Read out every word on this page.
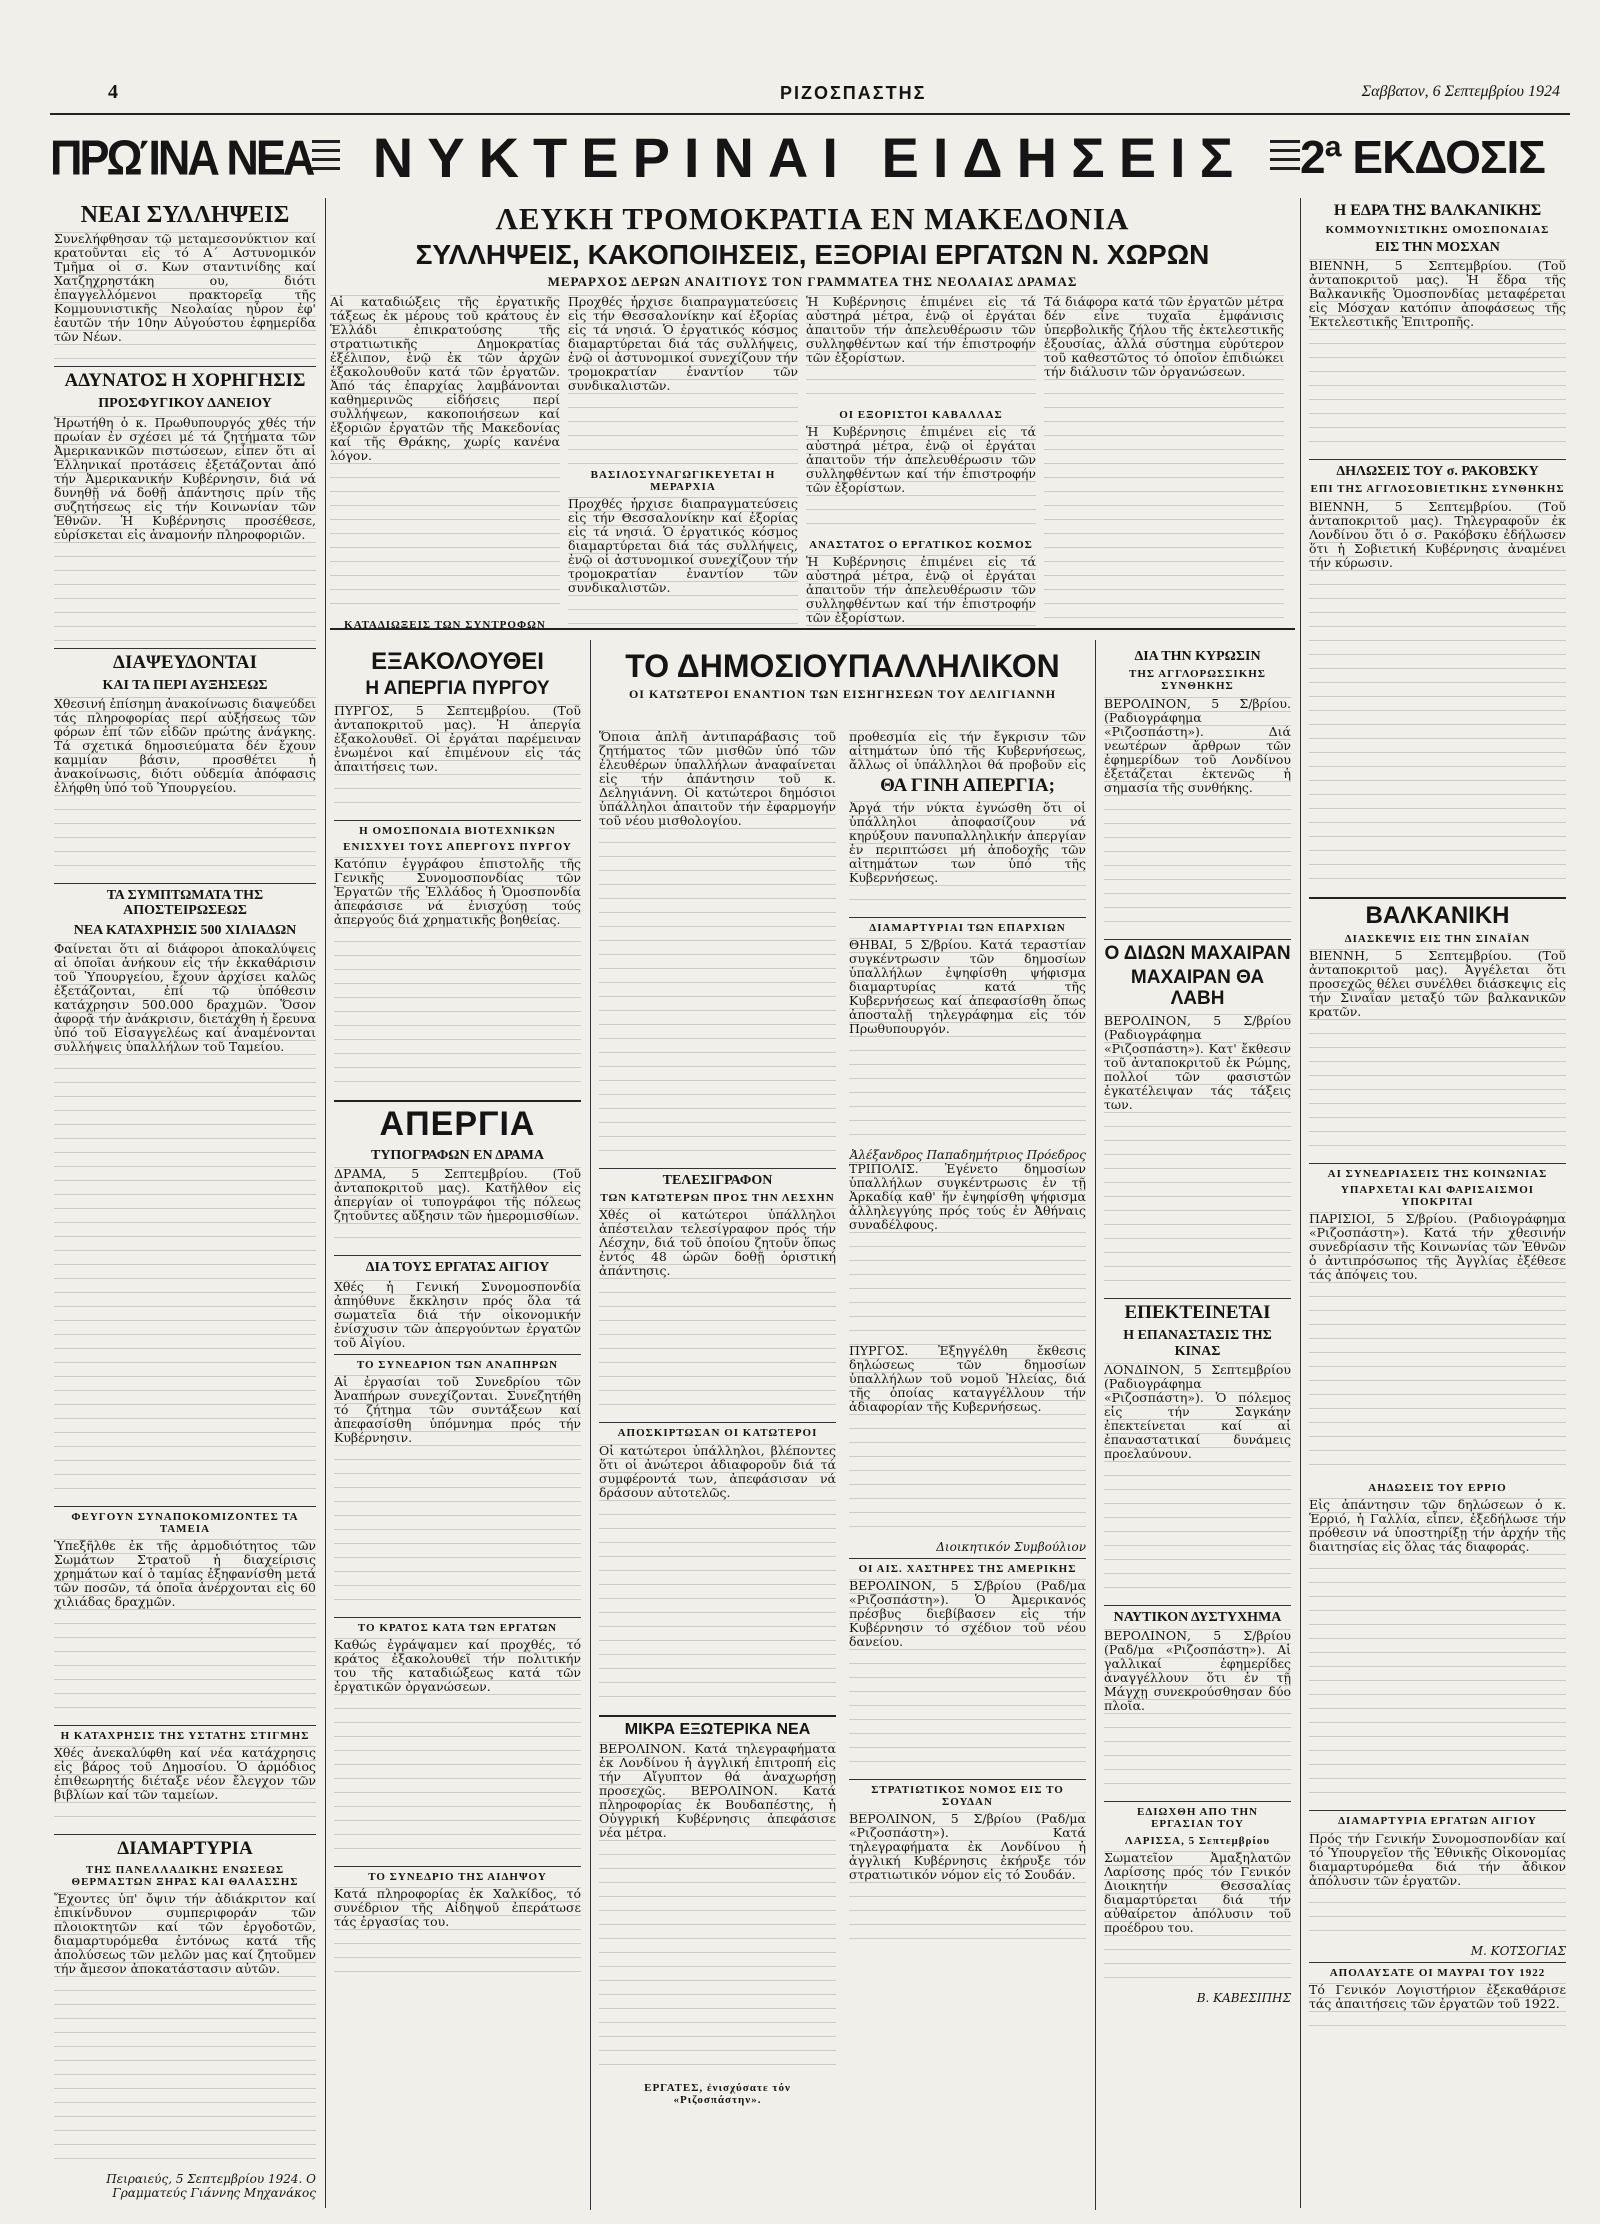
4	ΡΙΖΟΣΠΑΣΤΗΣ	Σαββατον, 6 Σεπτεμβρίου 1924
ΠΡΩΊΝΑ ΝΕΑ	ΝΥΚΤΕΡΙΝΑΙ ΕΙΔΗΣΕΙΣ	2ª ΕΚΔΟΣΙΣ
ΝΕΑΙ ΣΥΛΛΗΨΕΙΣ
Συνελήφθησαν τῷ μεταμεσονύκτιον καί κρατοῦνται εἰς τό Α΄ Αστυνομικόν Τμῆμα οἱ σ. Κων σταντινίδης καί Χατζηχρηστάκη ου, διότι ἐπαγγελλόμενοι πρακτορεῖα τῆς Κομμουνιστικῆς Νεολαίας ηὗρον ἐφ' ἑαυτῶν τήν 10ην Αὐγούστου ἐφημερίδα τῶν Νέων.
ΑΔΥΝΑΤΟΣ Η ΧΟΡΗΓΗΣΙΣ
ΠΡΟΣΦΥΓΙΚΟΥ ΔΑΝΕΙΟΥ
Ἠρωτήθη ὁ κ. Πρωθυπουργός χθές τήν πρωίαν ἐν σχέσει μέ τά ζητήματα τῶν Ἀμερικανικῶν πιστώσεων, εἶπεν ὅτι αἱ Ἑλληνικαί προτάσεις ἐξετάζονται ἀπό τήν Ἀμερικανικήν Κυβέρνησιν, διά νά δυνηθῇ νά δοθῇ ἀπάντησις πρίν τῆς συζητήσεως εἰς τήν Κοινωνίαν τῶν Ἐθνῶν. Ἡ Κυβέρνησις προσέθεσε, εὑρίσκεται εἰς ἀναμονήν πληροφοριῶν.
ΔΙΑΨΕΥΔΟΝΤΑΙ
ΚΑΙ ΤΑ ΠΕΡΙ ΑΥΞΗΣΕΩΣ
Χθεσινή ἐπίσημη ἀνακοίνωσις διαψεύδει τάς πληροφορίας περί αὐξήσεως τῶν φόρων ἐπί τῶν εἰδῶν πρώτης ἀνάγκης. Τά σχετικά δημοσιεύματα δέν ἔχουν καμμίαν βάσιν, προσθέτει ἡ ἀνακοίνωσις, διότι οὐδεμία ἀπόφασις ἐλήφθη ὑπό τοῦ Ὑπουργείου.
ΤΑ ΣΥΜΠΤΩΜΑΤΑ ΤΗΣ ΑΠΟΣΤΕΙΡΩΣΕΩΣ
ΝΕΑ ΚΑΤΑΧΡΗΣΙΣ 500 ΧΙΛΙΑΔΩΝ
Φαίνεται ὅτι αἱ διάφοροι ἀποκαλύψεις αἱ ὁποῖαι ἀνήκουν εἰς τήν ἐκκαθάρισιν τοῦ Ὑπουργείου, ἔχουν ἀρχίσει καλῶς ἐξετάζονται, ἐπί τῷ ὑπόθεσιν κατάχρησιν 500.000 δραχμῶν. Ὅσον ἀφορᾷ τήν ἀνάκρισιν, διετάχθη ἡ ἔρευνα ὑπό τοῦ Εἰσαγγελέως καί ἀναμένονται συλλήψεις ὑπαλλήλων τοῦ Ταμείου.
ΦΕΥΓΟΥΝ ΣΥΝΑΠΟΚΟΜΙΖΟΝΤΕΣ ΤΑ ΤΑΜΕΙΑ
Ὑπεξῆλθε ἐκ τῆς ἀρμοδιότητος τῶν Σωμάτων Στρατοῦ ἡ διαχείρισις χρημάτων καί ὁ ταμίας ἐξηφανίσθη μετά τῶν ποσῶν, τά ὁποῖα ἀνέρχονται εἰς 60 χιλιάδας δραχμῶν.
Η ΚΑΤΑΧΡΗΣΙΣ ΤΗΣ ΥΣΤΑΤΗΣ ΣΤΙΓΜΗΣ
Χθές ἀνεκαλύφθη καί νέα κατάχρησις εἰς βάρος τοῦ Δημοσίου. Ὁ ἁρμόδιος ἐπιθεωρητής διέταξε νέον ἔλεγχον τῶν βιβλίων καί τῶν ταμείων.
ΔΙΑΜΑΡΤΥΡΙΑ
ΤΗΣ ΠΑΝΕΛΛΑΔΙΚΗΣ ΕΝΩΣΕΩΣ ΘΕΡΜΑΣΤΩΝ ΞΗΡΑΣ ΚΑΙ ΘΑΛΑΣΣΗΣ
Ἔχοντες ὑπ' ὄψιν τήν ἀδιάκριτον καί ἐπικίνδυνον συμπεριφοράν τῶν πλοιοκτητῶν καί τῶν ἐργοδοτῶν, διαμαρτυρόμεθα ἐντόνως κατά τῆς ἀπολύσεως τῶν μελῶν μας καί ζητοῦμεν τήν ἄμεσον ἀποκατάστασιν αὐτῶν.
Πειραιεύς, 5 Σεπτεμβρίου 1924. Ο Γραμματεύς Γιάννης Μηχανάκος
ΛΕΥΚΗ ΤΡΟΜΟΚΡΑΤΙΑ ΕΝ ΜΑΚΕΔΟΝΙΑ
ΣΥΛΛΗΨΕΙΣ, ΚΑΚΟΠΟΙΗΣΕΙΣ, ΕΞΟΡΙΑΙ ΕΡΓΑΤΩΝ Ν. ΧΩΡΩΝ
ΜΕΡΑΡΧΟΣ ΔΕΡΩΝ ΑΝΑΙΤΙΟΥΣ ΤΟΝ ΓΡΑΜΜΑΤΕΑ ΤΗΣ ΝΕΟΛΑΙΑΣ ΔΡΑΜΑΣ
Αἱ καταδιώξεις τῆς ἐργατικῆς τάξεως ἐκ μέρους τοῦ κράτους ἐν Ἑλλάδι ἐπικρατούσης τῆς στρατιωτικῆς Δημοκρατίας ἐξέλιπον, ἐνῷ ἐκ τῶν ἀρχῶν ἐξακολουθοῦν κατά τῶν ἐργατῶν. Ἀπό τάς ἐπαρχίας λαμβάνονται καθημερινῶς εἰδήσεις περί συλλήψεων, κακοποιήσεων καί ἐξοριῶν ἐργατῶν τῆς Μακεδονίας καί τῆς Θράκης, χωρίς κανένα λόγον.
ΚΑΤΑΔΙΩΞΕΙΣ ΤΩΝ ΣΥΝΤΡΟΦΩΝ
Προχθές ἦρχισε διαπραγματεύσεις εἰς τήν Θεσσαλονίκην καί ἐξορίας εἰς τά νησιά. Ὁ ἐργατικός κόσμος διαμαρτύρεται διά τάς συλλήψεις, ἐνῷ οἱ ἀστυνομικοί συνεχίζουν τήν τρομοκρατίαν ἐναντίον τῶν συνδικαλιστῶν.
ΒΑΣΙΛΟΣΥΝΑΓΩΓΙΚΕΥΕΤΑΙ Η ΜΕΡΑΡΧΙΑ
Προχθές ἦρχισε διαπραγματεύσεις εἰς τήν Θεσσαλονίκην καί ἐξορίας εἰς τά νησιά. Ὁ ἐργατικός κόσμος διαμαρτύρεται διά τάς συλλήψεις, ἐνῷ οἱ ἀστυνομικοί συνεχίζουν τήν τρομοκρατίαν ἐναντίον τῶν συνδικαλιστῶν.
Ἡ Κυβέρνησις ἐπιμένει εἰς τά αὐστηρά μέτρα, ἐνῷ οἱ ἐργάται ἀπαιτοῦν τήν ἀπελευθέρωσιν τῶν συλληφθέντων καί τήν ἐπιστροφήν τῶν ἐξορίστων.
ΟΙ ΕΞΟΡΙΣΤΟΙ ΚΑΒΑΛΛΑΣ
Ἡ Κυβέρνησις ἐπιμένει εἰς τά αὐστηρά μέτρα, ἐνῷ οἱ ἐργάται ἀπαιτοῦν τήν ἀπελευθέρωσιν τῶν συλληφθέντων καί τήν ἐπιστροφήν τῶν ἐξορίστων.
ΑΝΑΣΤΑΤΟΣ Ο ΕΡΓΑΤΙΚΟΣ ΚΟΣΜΟΣ
Ἡ Κυβέρνησις ἐπιμένει εἰς τά αὐστηρά μέτρα, ἐνῷ οἱ ἐργάται ἀπαιτοῦν τήν ἀπελευθέρωσιν τῶν συλληφθέντων καί τήν ἐπιστροφήν τῶν ἐξορίστων.
Τά διάφορα κατά τῶν ἐργατῶν μέτρα δέν εἶνε τυχαῖα ἐμφάνισις ὑπερβολικῆς ζήλου τῆς ἐκτελεστικῆς ἐξουσίας, ἀλλά σύστημα εὐρύτερον τοῦ καθεστῶτος τό ὁποῖον ἐπιδιώκει τήν διάλυσιν τῶν ὀργανώσεων.
ΕΞΑΚΟΛΟΥΘΕΙ
Η ΑΠΕΡΓΙΑ ΠΥΡΓΟΥ
ΠΥΡΓΟΣ, 5 Σεπτεμβρίου. (Τοῦ ἀνταποκριτοῦ μας). Ἡ ἀπεργία ἐξακολουθεῖ. Οἱ ἐργάται παρέμειναν ἑνωμένοι καί ἐπιμένουν εἰς τάς ἀπαιτήσεις των.
Η ΟΜΟΣΠΟΝΔΙΑ ΒΙΟΤΕΧΝΙΚΩΝ
ΕΝΙΣΧΥΕΙ ΤΟΥΣ ΑΠΕΡΓΟΥΣ ΠΥΡΓΟΥ
Κατόπιν ἐγγράφου ἐπιστολῆς τῆς Γενικῆς Συνομοσπονδίας τῶν Ἐργατῶν τῆς Ἑλλάδος ἡ Ὁμοσπονδία ἀπεφάσισε νά ἐνισχύσῃ τούς ἀπεργούς διά χρηματικῆς βοηθείας.
ΑΠΕΡΓΙΑ
ΤΥΠΟΓΡΑΦΩΝ ΕΝ ΔΡΑΜΑ
ΔΡΑΜΑ, 5 Σεπτεμβρίου. (Τοῦ ἀνταποκριτοῦ μας). Κατῆλθον εἰς ἀπεργίαν οἱ τυπογράφοι τῆς πόλεως ζητοῦντες αὔξησιν τῶν ἡμερομισθίων.
ΔΙΑ ΤΟΥΣ ΕΡΓΑΤΑΣ ΑΙΓΙΟΥ
Χθές ἡ Γενική Συνομοσπονδία ἀπηύθυνε ἔκκλησιν πρός ὅλα τά σωματεῖα διά τήν οἰκονομικήν ἐνίσχυσιν τῶν ἀπεργούντων ἐργατῶν τοῦ Αἰγίου.
ΤΟ ΣΥΝΕΔΡΙΟΝ ΤΩΝ ΑΝΑΠΗΡΩΝ
Αἱ ἐργασίαι τοῦ Συνεδρίου τῶν Ἀναπήρων συνεχίζονται. Συνεζητήθη τό ζήτημα τῶν συντάξεων καί ἀπεφασίσθη ὑπόμνημα πρός τήν Κυβέρνησιν.
ΤΟ ΚΡΑΤΟΣ ΚΑΤΑ ΤΩΝ ΕΡΓΑΤΩΝ
Καθώς ἐγράψαμεν καί προχθές, τό κράτος ἐξακολουθεῖ τήν πολιτικήν του τῆς καταδιώξεως κατά τῶν ἐργατικῶν ὀργανώσεων.
ΤΟ ΣΥΝΕΔΡΙΟ ΤΗΣ ΑΙΔΗΨΟΥ
Κατά πληροφορίας ἐκ Χαλκίδος, τό συνέδριον τῆς Αἰδηψοῦ ἐπεράτωσε τάς ἐργασίας του.
ΤΟ ΔΗΜΟΣΙΟΥΠΑΛΛΗΛΙΚΟΝ
ΟΙ ΚΑΤΩΤΕΡΟΙ ΕΝΑΝΤΙΟΝ ΤΩΝ ΕΙΣΗΓΗΣΕΩΝ ΤΟΥ ΔΕΛΙΓΙΑΝΝΗ
Ὅποια ἁπλῆ ἀντιπαράβασις τοῦ ζητήματος τῶν μισθῶν ὑπό τῶν ἐλευθέρων ὑπαλλήλων ἀναφαίνεται εἰς τήν ἀπάντησιν τοῦ κ. Δεληγιάννη. Οἱ κατώτεροι δημόσιοι ὑπάλληλοι ἀπαιτοῦν τήν ἐφαρμογήν τοῦ νέου μισθολογίου.
ΤΕΛΕΣΙΓΡΑΦΟΝ
ΤΩΝ ΚΑΤΩΤΕΡΩΝ ΠΡΟΣ ΤΗΝ ΛΕΣΧΗΝ
Χθές οἱ κατώτεροι ὑπάλληλοι ἀπέστειλαν τελεσίγραφον πρός τήν Λέσχην, διά τοῦ ὁποίου ζητοῦν ὅπως ἐντός 48 ὡρῶν δοθῇ ὁριστική ἀπάντησις.
ΑΠΟΣΚΙΡΤΩΣΑΝ ΟΙ ΚΑΤΩΤΕΡΟΙ
Οἱ κατώτεροι ὑπάλληλοι, βλέποντες ὅτι οἱ ἀνώτεροι ἀδιαφοροῦν διά τά συμφέροντά των, ἀπεφάσισαν νά δράσουν αὐτοτελῶς.
ΜΙΚΡΑ ΕΞΩΤΕΡΙΚΑ ΝΕΑ
ΒΕΡΟΛΙΝΟΝ. Κατά τηλεγραφήματα ἐκ Λονδίνου ἡ ἀγγλική ἐπιτροπή εἰς τήν Αἴγυπτον θά ἀναχωρήσῃ προσεχῶς. ΒΕΡΟΛΙΝΟΝ. Κατά πληροφορίας ἐκ Βουδαπέστης, ἡ Οὑγγρική Κυβέρνησις ἀπεφάσισε νέα μέτρα.
ΕΡΓΑΤΕΣ, ἐνισχύσατε τόν «Ριζοσπάστην».
προθεσμία εἰς τήν ἔγκρισιν τῶν αἰτημάτων ὑπό τῆς Κυβερνήσεως, ἄλλως οἱ ὑπάλληλοι θά προβοῦν εἰς
ΘΑ ΓΙΝΗ ΑΠΕΡΓΙΑ;
Ἀργά τήν νύκτα ἐγνώσθη ὅτι οἱ ὑπάλληλοι ἀποφασίζουν νά κηρύξουν πανυπαλληλικήν ἀπεργίαν ἐν περιπτώσει μή ἀποδοχῆς τῶν αἰτημάτων των ὑπό τῆς Κυβερνήσεως.
ΔΙΑΜΑΡΤΥΡΙΑΙ ΤΩΝ ΕΠΑΡΧΙΩΝ
ΘΗΒΑΙ, 5 Σ/βρίου. Κατά τεραστίαν συγκέντρωσιν τῶν δημοσίων ὑπαλλήλων ἐψηφίσθη ψήφισμα διαμαρτυρίας κατά τῆς Κυβερνήσεως καί ἀπεφασίσθη ὅπως ἀποσταλῇ τηλεγράφημα εἰς τόν Πρωθυπουργόν.
Ἀλέξανδρος Παπαδημήτριος Πρόεδρος
ΤΡΙΠΟΛΙΣ. Ἐγένετο δημοσίων ὑπαλλήλων συγκέντρωσις ἐν τῇ Ἀρκαδίᾳ καθ' ἥν ἐψηφίσθη ψήφισμα ἀλληλεγγύης πρός τούς ἐν Ἀθήναις συναδέλφους.
ΠΥΡΓΟΣ. Ἐξηγγέλθη ἔκθεσις δηλώσεως τῶν δημοσίων ὑπαλλήλων τοῦ νομοῦ Ἠλείας, διά τῆς ὁποίας καταγγέλλουν τήν ἀδιαφορίαν τῆς Κυβερνήσεως.
Διοικητικόν Συμβούλιον
ΟΙ ΑΙΣ. ΧΑΣΤΗΡΕΣ ΤΗΣ ΑΜΕΡΙΚΗΣ
ΒΕΡΟΛΙΝΟΝ, 5 Σ/βρίου (Ραδ/μα «Ριζοσπάστη»). Ὁ Ἀμερικανός πρέσβυς διεβίβασεν εἰς τήν Κυβέρνησιν τό σχέδιον τοῦ νέου δανείου.
ΣΤΡΑΤΙΩΤΙΚΟΣ ΝΟΜΟΣ ΕΙΣ ΤΟ ΣΟΥΔΑΝ
ΒΕΡΟΛΙΝΟΝ, 5 Σ/βρίου (Ραδ/μα «Ριζοσπάστη»). Κατά τηλεγραφήματα ἐκ Λονδίνου ἡ ἀγγλική Κυβέρνησις ἐκήρυξε τόν στρατιωτικόν νόμον εἰς τό Σουδάν.
ΔΙΑ ΤΗΝ ΚΥΡΩΣΙΝ
ΤΗΣ ΑΓΓΛΟΡΩΣΣΙΚΗΣ ΣΥΝΘΗΚΗΣ
ΒΕΡΟΛΙΝΟΝ, 5 Σ/βρίου. (Ραδιογράφημα «Ριζοσπάστη»). Διά νεωτέρων ἄρθρων τῶν ἐφημερίδων τοῦ Λονδίνου ἐξετάζεται ἐκτενῶς ἡ σημασία τῆς συνθήκης.
Ο ΔΙΔΩΝ ΜΑΧΑΙΡΑΝ
ΜΑΧΑΙΡΑΝ ΘΑ ΛΑΒΗ
ΒΕΡΟΛΙΝΟΝ, 5 Σ/βρίου (Ραδιογράφημα «Ριζοσπάστη»). Κατ' ἔκθεσιν τοῦ ἀνταποκριτοῦ ἐκ Ρώμης, πολλοί τῶν φασιστῶν ἐγκατέλειψαν τάς τάξεις των.
ΕΠΕΚΤΕΙΝΕΤΑΙ
Η ΕΠΑΝΑΣΤΑΣΙΣ ΤΗΣ ΚΙΝΑΣ
ΛΟΝΔΙΝΟΝ, 5 Σεπτεμβρίου (Ραδιογράφημα «Ριζοσπάστη»). Ὁ πόλεμος εἰς τήν Σαγκάην ἐπεκτείνεται καί αἱ ἐπαναστατικαί δυνάμεις προελαύνουν.
ΝΑΥΤΙΚΟΝ ΔΥΣΤΥΧΗΜΑ
ΒΕΡΟΛΙΝΟΝ, 5 Σ/βρίου (Ραδ/μα «Ριζοσπάστη»). Αἱ γαλλικαί ἐφημερίδες ἀναγγέλλουν ὅτι ἐν τῇ Μάγχῃ συνεκρούσθησαν δύο πλοῖα.
ΕΔΙΩΧΘΗ ΑΠΟ ΤΗΝ ΕΡΓΑΣΙΑΝ ΤΟΥ
ΛΑΡΙΣΣΑ, 5 Σεπτεμβρίου
Σωματεῖον Ἀμαξηλατῶν Λαρίσσης πρός τόν Γενικόν Διοικητήν Θεσσαλίας διαμαρτύρεται διά τήν αὐθαίρετον ἀπόλυσιν τοῦ προέδρου του.
Β. ΚΑΒΕΣΙΠΗΣ
Η ΕΔΡΑ ΤΗΣ ΒΑΛΚΑΝΙΚΗΣ
ΚΟΜΜΟΥΝΙΣΤΙΚΗΣ ΟΜΟΣΠΟΝΔΙΑΣ
ΕΙΣ ΤΗΝ ΜΟΣΧΑΝ
ΒΙΕΝΝΗ, 5 Σεπτεμβρίου. (Τοῦ ἀνταποκριτοῦ μας). Ἡ ἕδρα τῆς Βαλκανικῆς Ὁμοσπονδίας μεταφέρεται εἰς Μόσχαν κατόπιν ἀποφάσεως τῆς Ἐκτελεστικῆς Ἐπιτροπῆς.
ΔΗΛΩΣΕΙΣ ΤΟΥ σ. ΡΑΚΟΒΣΚΥ
ΕΠΙ ΤΗΣ ΑΓΓΛΟΣΟΒΙΕΤΙΚΗΣ ΣΥΝΘΗΚΗΣ
ΒΙΕΝΝΗ, 5 Σεπτεμβρίου. (Τοῦ ἀνταποκριτοῦ μας). Τηλεγραφοῦν ἐκ Λονδίνου ὅτι ὁ σ. Ρακόβσκυ ἐδήλωσεν ὅτι ἡ Σοβιετική Κυβέρνησις ἀναμένει τήν κύρωσιν.
ΒΑΛΚΑΝΙΚΗ
ΔΙΑΣΚΕΨΙΣ ΕΙΣ ΤΗΝ ΣΙΝΑΪΑΝ
ΒΙΕΝΝΗ, 5 Σεπτεμβρίου. (Τοῦ ἀνταποκριτοῦ μας). Ἀγγέλεται ὅτι προσεχῶς θέλει συνέλθει διάσκεψις εἰς τήν Σιναΐαν μεταξύ τῶν βαλκανικῶν κρατῶν.
ΑΙ ΣΥΝΕΔΡΙΑΣΕΙΣ ΤΗΣ ΚΟΙΝΩΝΙΑΣ
ΥΠΑΡΧΕΤΑΙ ΚΑΙ ΦΑΡΙΣΑΙΣΜΟΙ ΥΠΟΚΡΙΤΑΙ
ΠΑΡΙΣΙΟΙ, 5 Σ/βρίου. (Ραδιογράφημα «Ριζοσπάστη»). Κατά τήν χθεσινήν συνεδρίασιν τῆς Κοινωνίας τῶν Ἐθνῶν ὁ ἀντιπρόσωπος τῆς Ἀγγλίας ἐξέθεσε τάς ἀπόψεις του.
ΑΗΔΩΣΕΙΣ ΤΟΥ ΕΡΡΙΟ
Εἰς ἀπάντησιν τῶν δηλώσεων ὁ κ. Ἑρριό, ἡ Γαλλία, εἶπεν, ἐξεδήλωσε τήν πρόθεσιν νά ὑποστηρίξῃ τήν ἀρχήν τῆς διαιτησίας εἰς ὅλας τάς διαφοράς.
ΔΙΑΜΑΡΤΥΡΙΑ ΕΡΓΑΤΩΝ ΑΙΓΙΟΥ
Πρός τήν Γενικήν Συνομοσπονδίαν καί τό Ὑπουργεῖον τῆς Ἐθνικῆς Οἰκονομίας διαμαρτυρόμεθα διά τήν ἄδικον ἀπόλυσιν τῶν ἐργατῶν.
Μ. ΚΟΤΣΟΓΙΑΣ
ΑΠΟΛΑΥΣΑΤΕ ΟΙ ΜΑΥΡΑΙ ΤΟΥ 1922
Τό Γενικόν Λογιστήριον ἐξεκαθάρισε τάς ἀπαιτήσεις τῶν ἐργατῶν τοῦ 1922.
